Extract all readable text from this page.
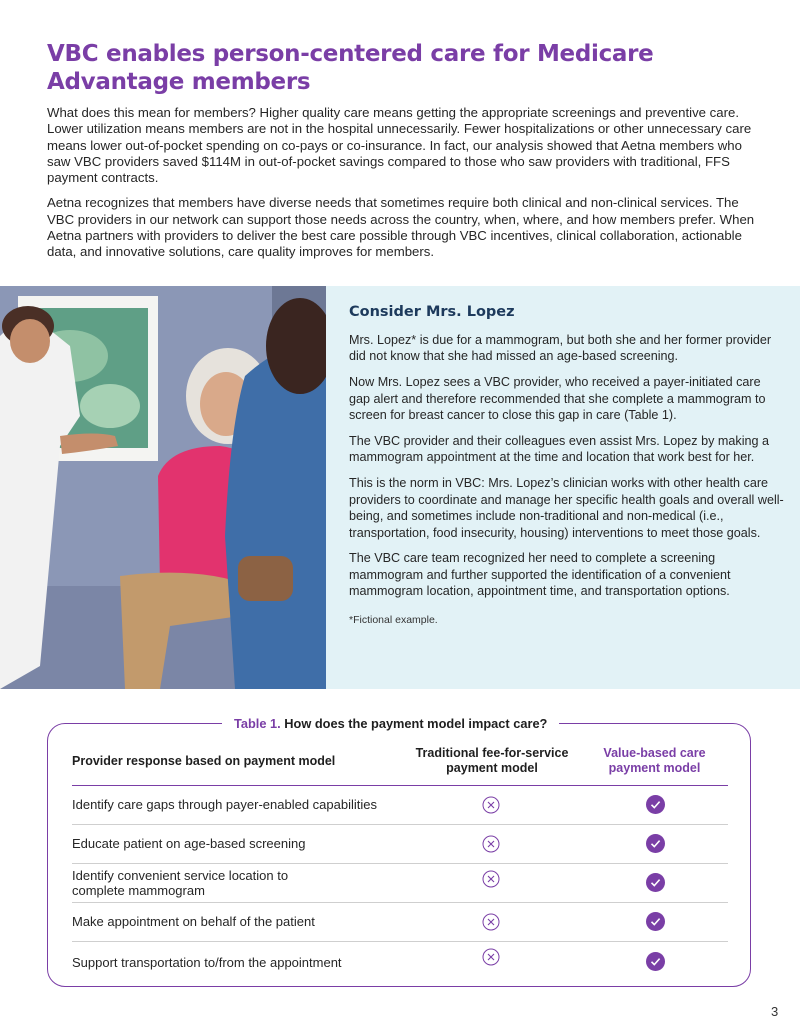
VBC enables person-centered care for Medicare Advantage members

What does this mean for members? Higher quality care means getting the appropriate screenings and preventive care. Lower utilization means members are not in the hospital unnecessarily. Fewer hospitalizations or other unnecessary care means lower out-of-pocket spending on co-pays or co-insurance. In fact, our analysis showed that Aetna members who saw VBC providers saved $114M in out-of-pocket savings compared to those who saw providers with traditional, FFS payment contracts.

Aetna recognizes that members have diverse needs that sometimes require both clinical and non-clinical services. The VBC providers in our network can support those needs across the country, when, where, and how members prefer. When Aetna partners with providers to deliver the best care possible through VBC incentives, clinical collaboration, actionable data, and innovative solutions, care quality improves for members.

Consider Mrs. Lopez

Mrs. Lopez* is due for a mammogram, but both she and her former provider did not know that she had missed an age-based screening.

Now Mrs. Lopez sees a VBC provider, who received a payer-initiated care gap alert and therefore recommended that she complete a mammogram to screen for breast cancer to close this gap in care (Table 1).

The VBC provider and their colleagues even assist Mrs. Lopez by making a mammogram appointment at the time and location that work best for her.

This is the norm in VBC: Mrs. Lopez’s clinician works with other health care providers to coordinate and manage her specific health goals and overall well-being, and sometimes include non-traditional and non-medical (i.e., transportation, food insecurity, housing) interventions to meet those goals.

The VBC care team recognized her need to complete a screening mammogram and further supported the identification of a convenient mammogram location, appointment time, and transportation options.

*Fictional example.

Table 1. How does the payment model impact care?
Provider response based on payment model
Traditional fee-for-service payment model
Value-based care payment model
Identify care gaps through payer-enabled capabilities
Educate patient on age-based screening
Identify convenient service location to complete mammogram
Make appointment on behalf of the patient
Support transportation to/from the appointment
3
